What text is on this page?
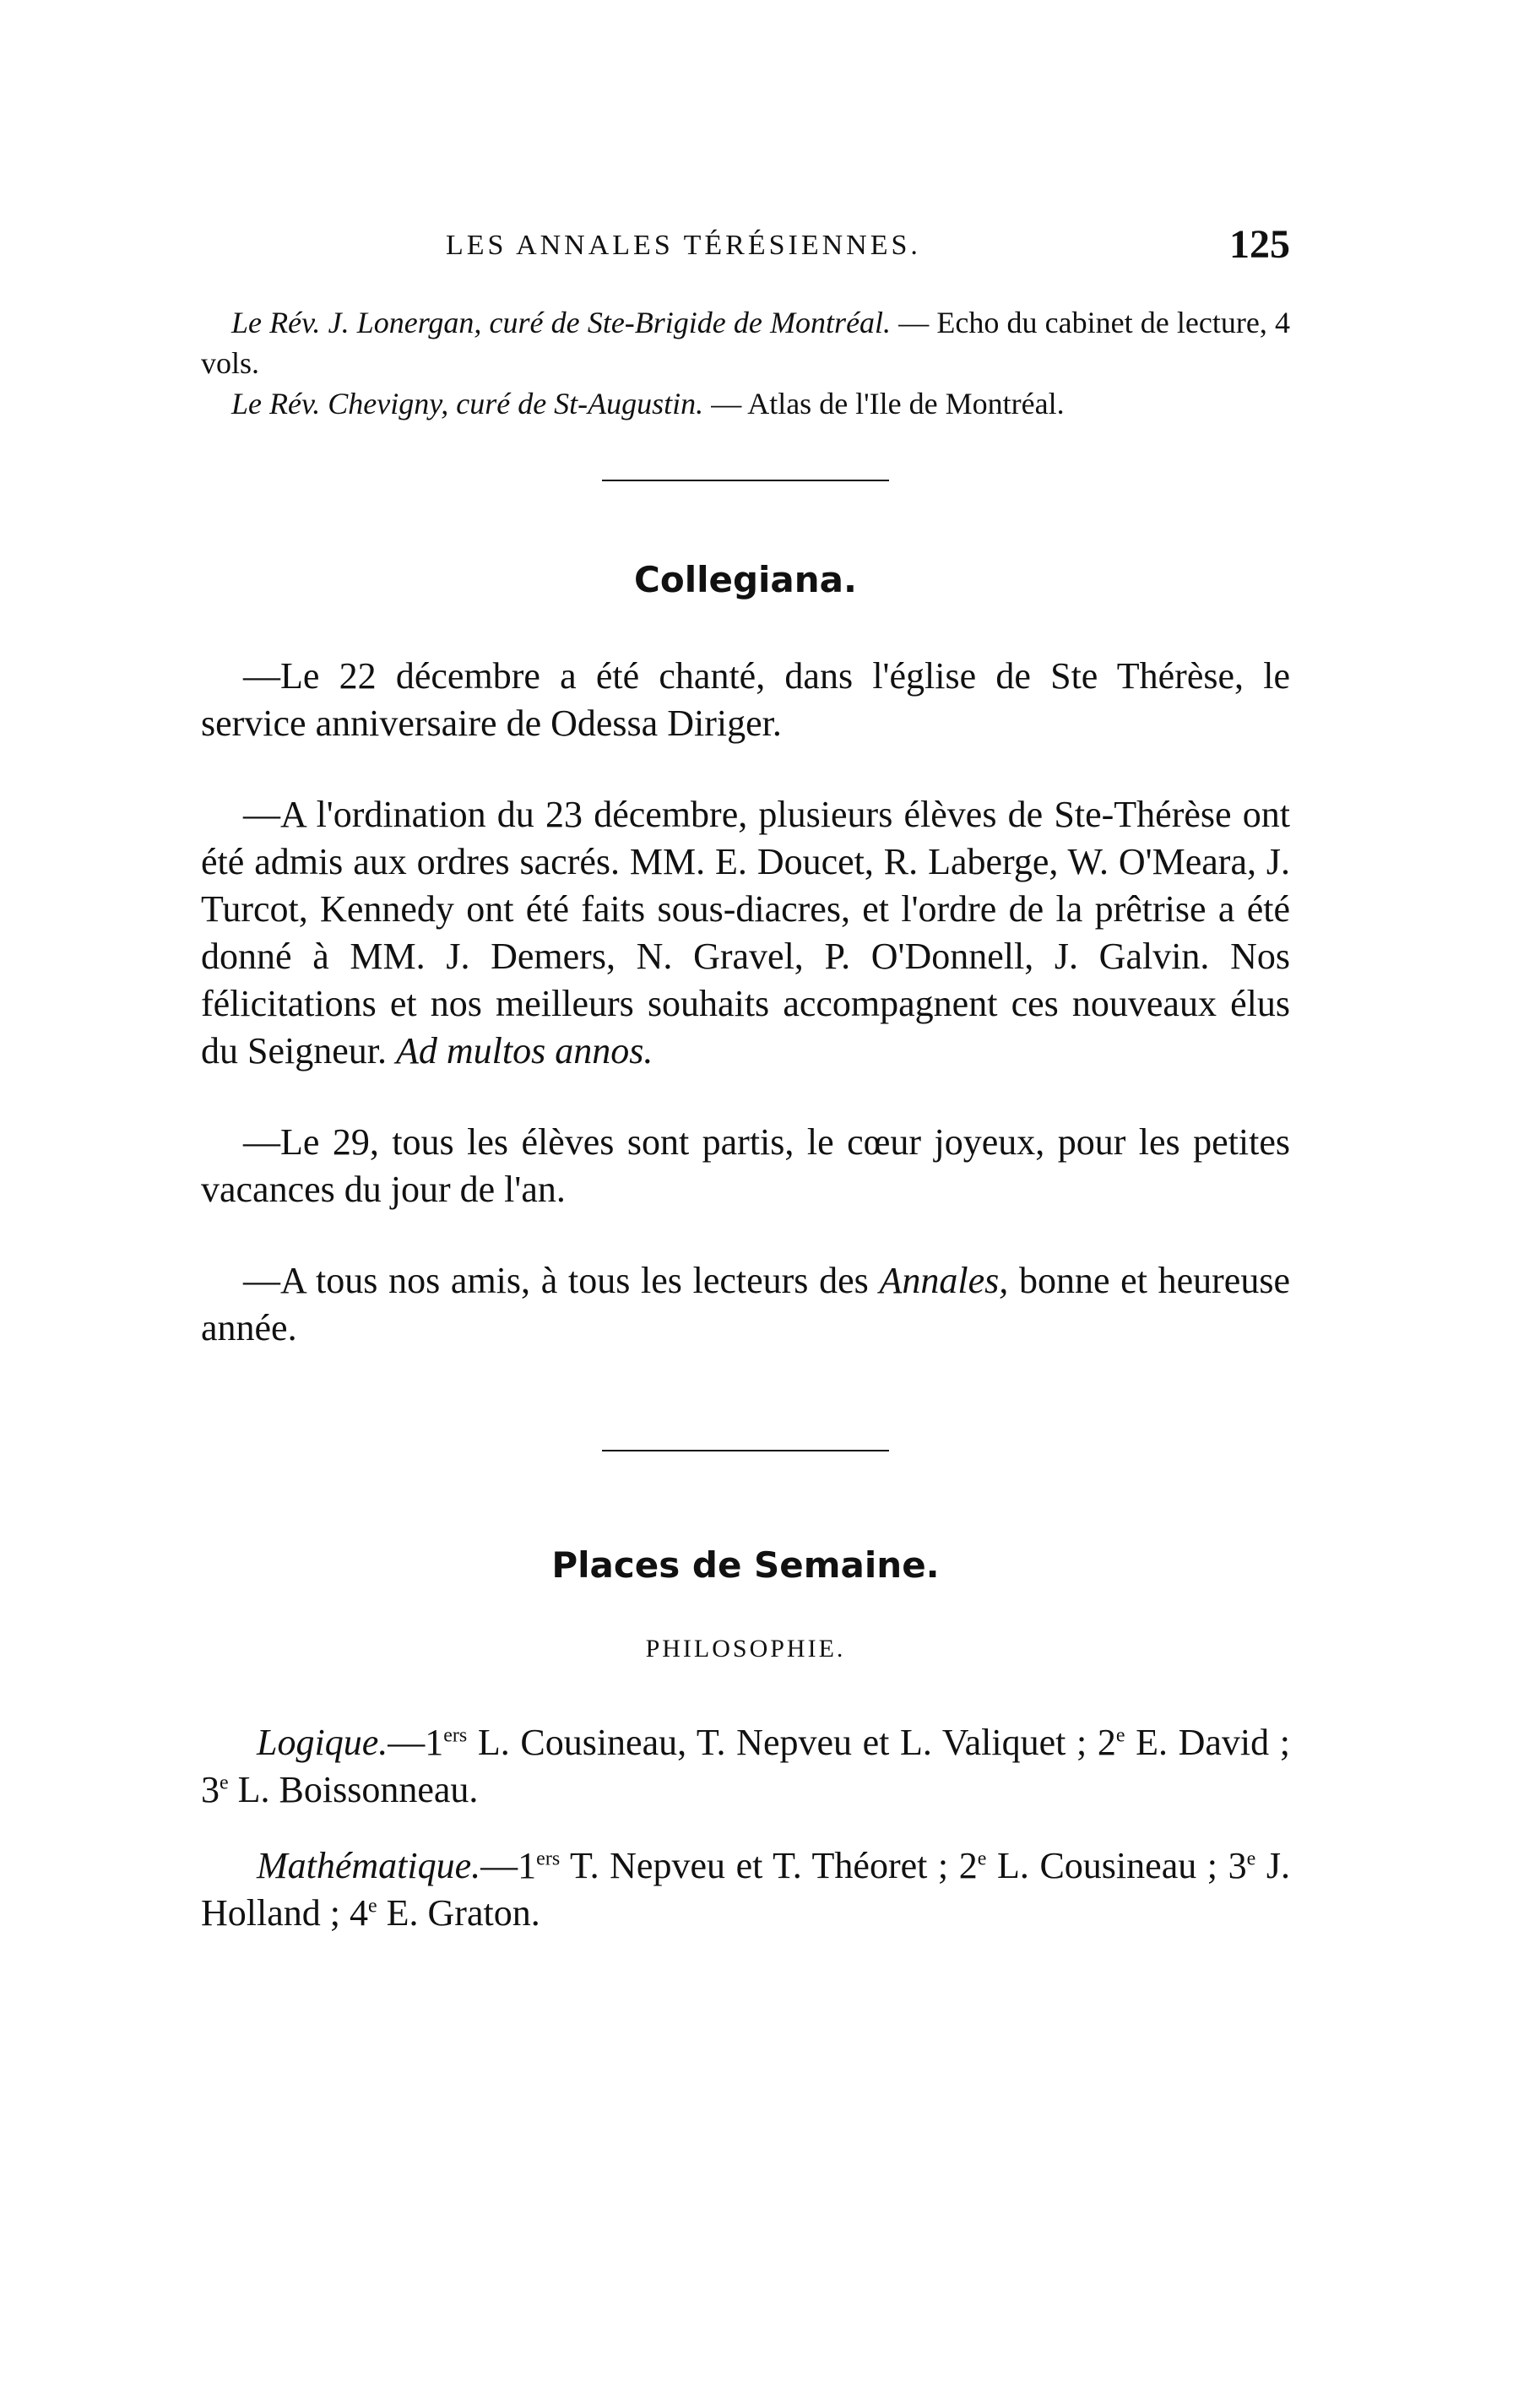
LES ANNALES TÉRÉSIENNES.	125

Le Rév. J. Lonergan, curé de Ste-Brigide de Montréal. — Echo du cabinet de lecture, 4 vols.

Le Rév. Chevigny, curé de St-Augustin. — Atlas de l'Ile de Montréal.

Collegiana.

—Le 22 décembre a été chanté, dans l'église de Ste Thérèse, le service anniversaire de Odessa Diriger.

—A l'ordination du 23 décembre, plusieurs élèves de Ste-Thérèse ont été admis aux ordres sacrés. MM. E. Doucet, R. Laberge, W. O'Meara, J. Turcot, Kennedy ont été faits sous-diacres, et l'ordre de la prêtrise a été donné à MM. J. Demers, N. Gravel, P. O'Donnell, J. Galvin. Nos félicitations et nos meilleurs souhaits accompagnent ces nouveaux élus du Seigneur. Ad multos annos.

—Le 29, tous les élèves sont partis, le cœur joyeux, pour les petites vacances du jour de l'an.

—A tous nos amis, à tous les lecteurs des Annales, bonne et heureuse année.

Places de Semaine.
PHILOSOPHIE.

Logique.—1ers L. Cousineau, T. Nepveu et L. Valiquet ; 2e E. David ; 3e L. Boissonneau.

Mathématique.—1ers T. Nepveu et T. Théoret ; 2e L. Cousineau ; 3e J. Holland ; 4e E. Graton.
